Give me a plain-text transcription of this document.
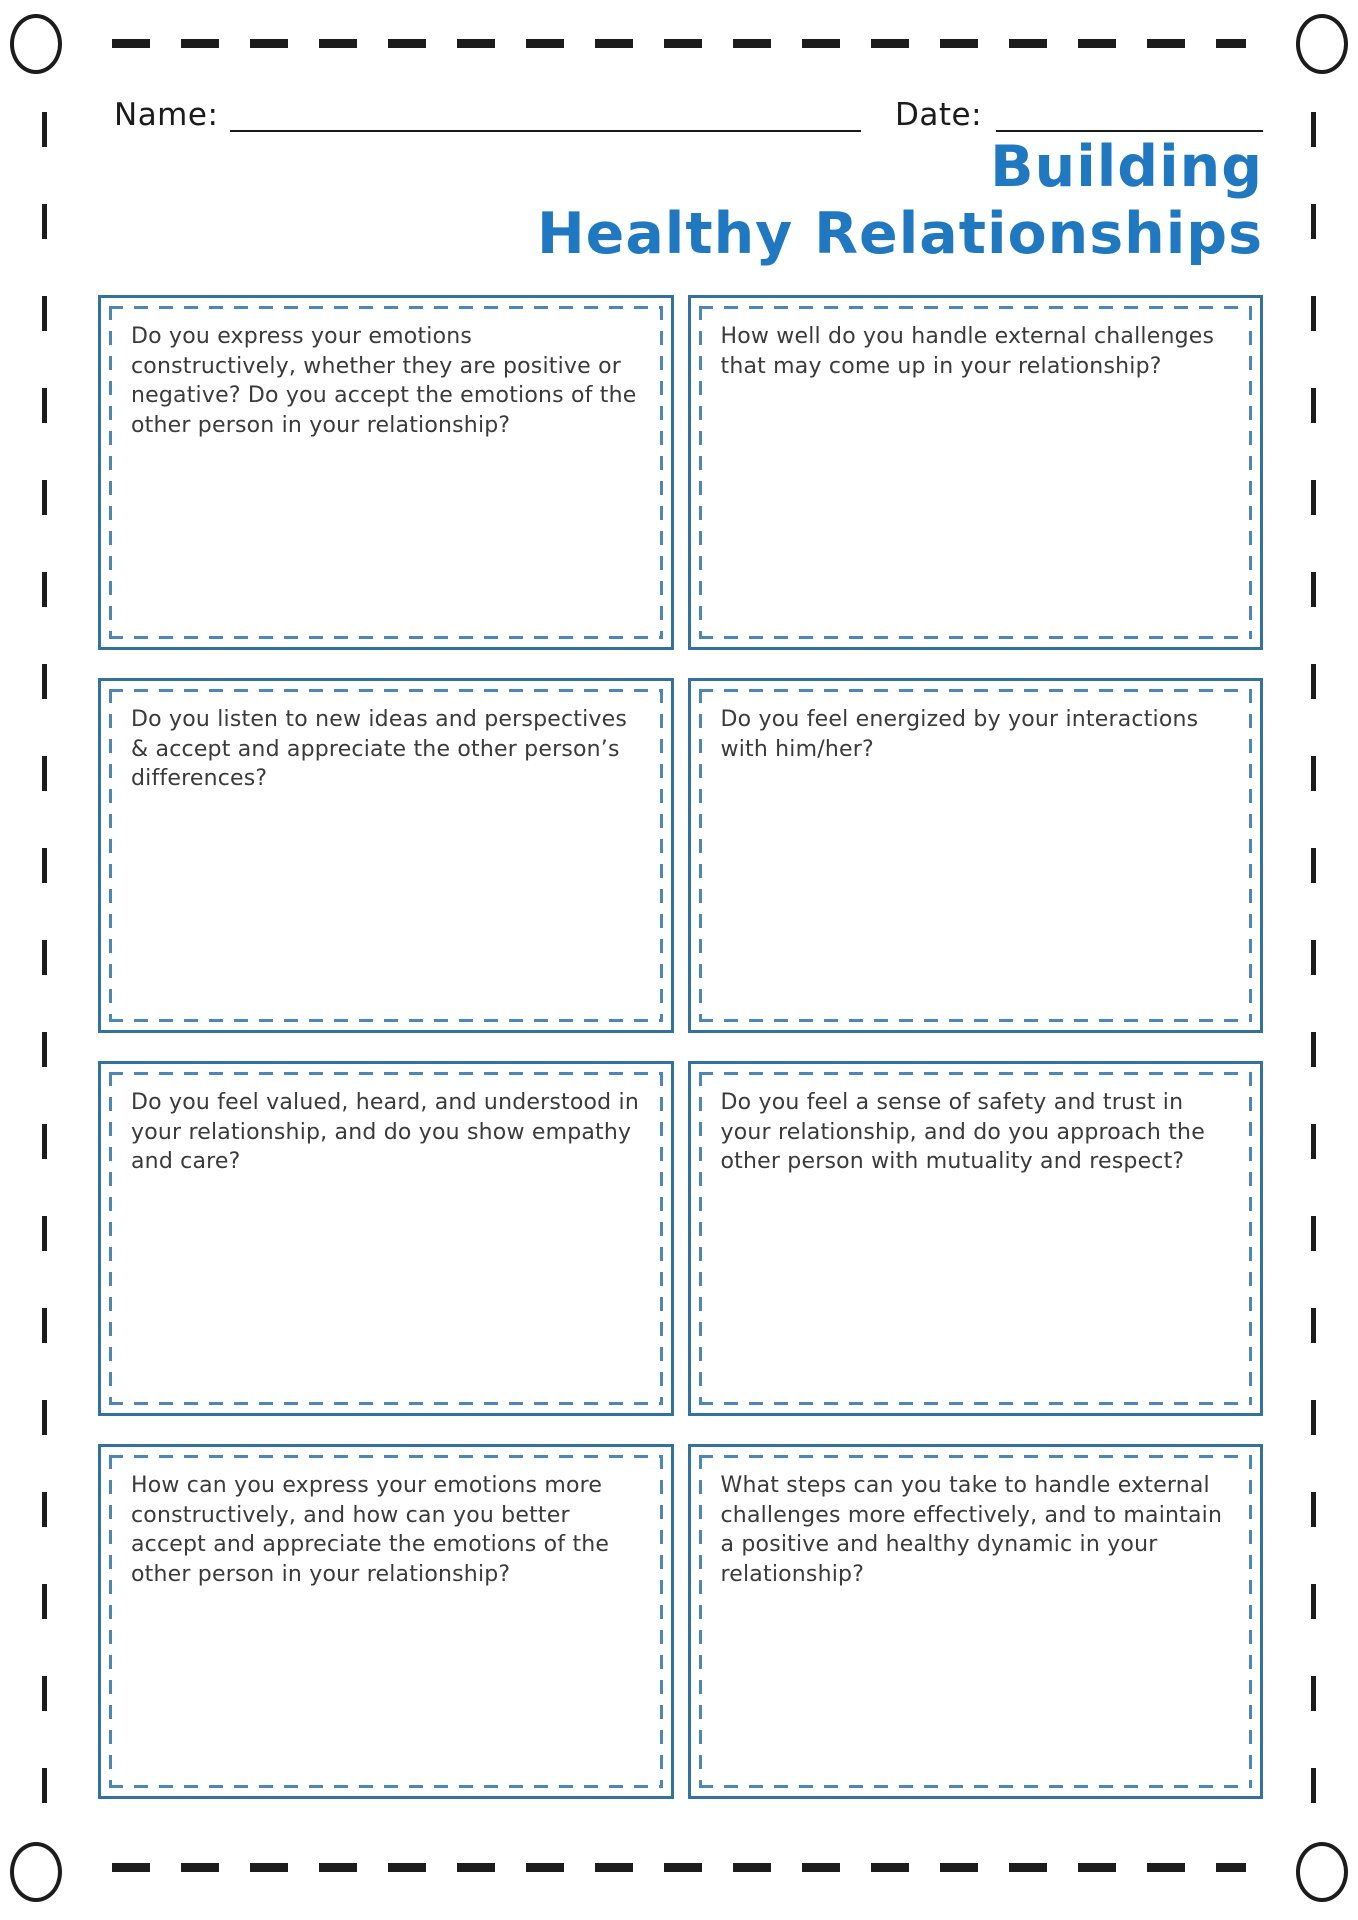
Name:	Date:
Building
Healthy Relationships

Do you express your emotions constructively, whether they are positive or negative? Do you accept the emotions of the other person in your relationship?

How well do you handle external challenges that may come up in your relationship?

Do you listen to new ideas and perspectives & accept and appreciate the other person’s differences?

Do you feel energized by your interactions with him/her?

Do you feel valued, heard, and understood in your relationship, and do you show empathy and care?

Do you feel a sense of safety and trust in your relationship, and do you approach the other person with mutuality and respect?

How can you express your emotions more constructively, and how can you better accept and appreciate the emotions of the other person in your relationship?

What steps can you take to handle external challenges more effectively, and to maintain a positive and healthy dynamic in your relationship?
